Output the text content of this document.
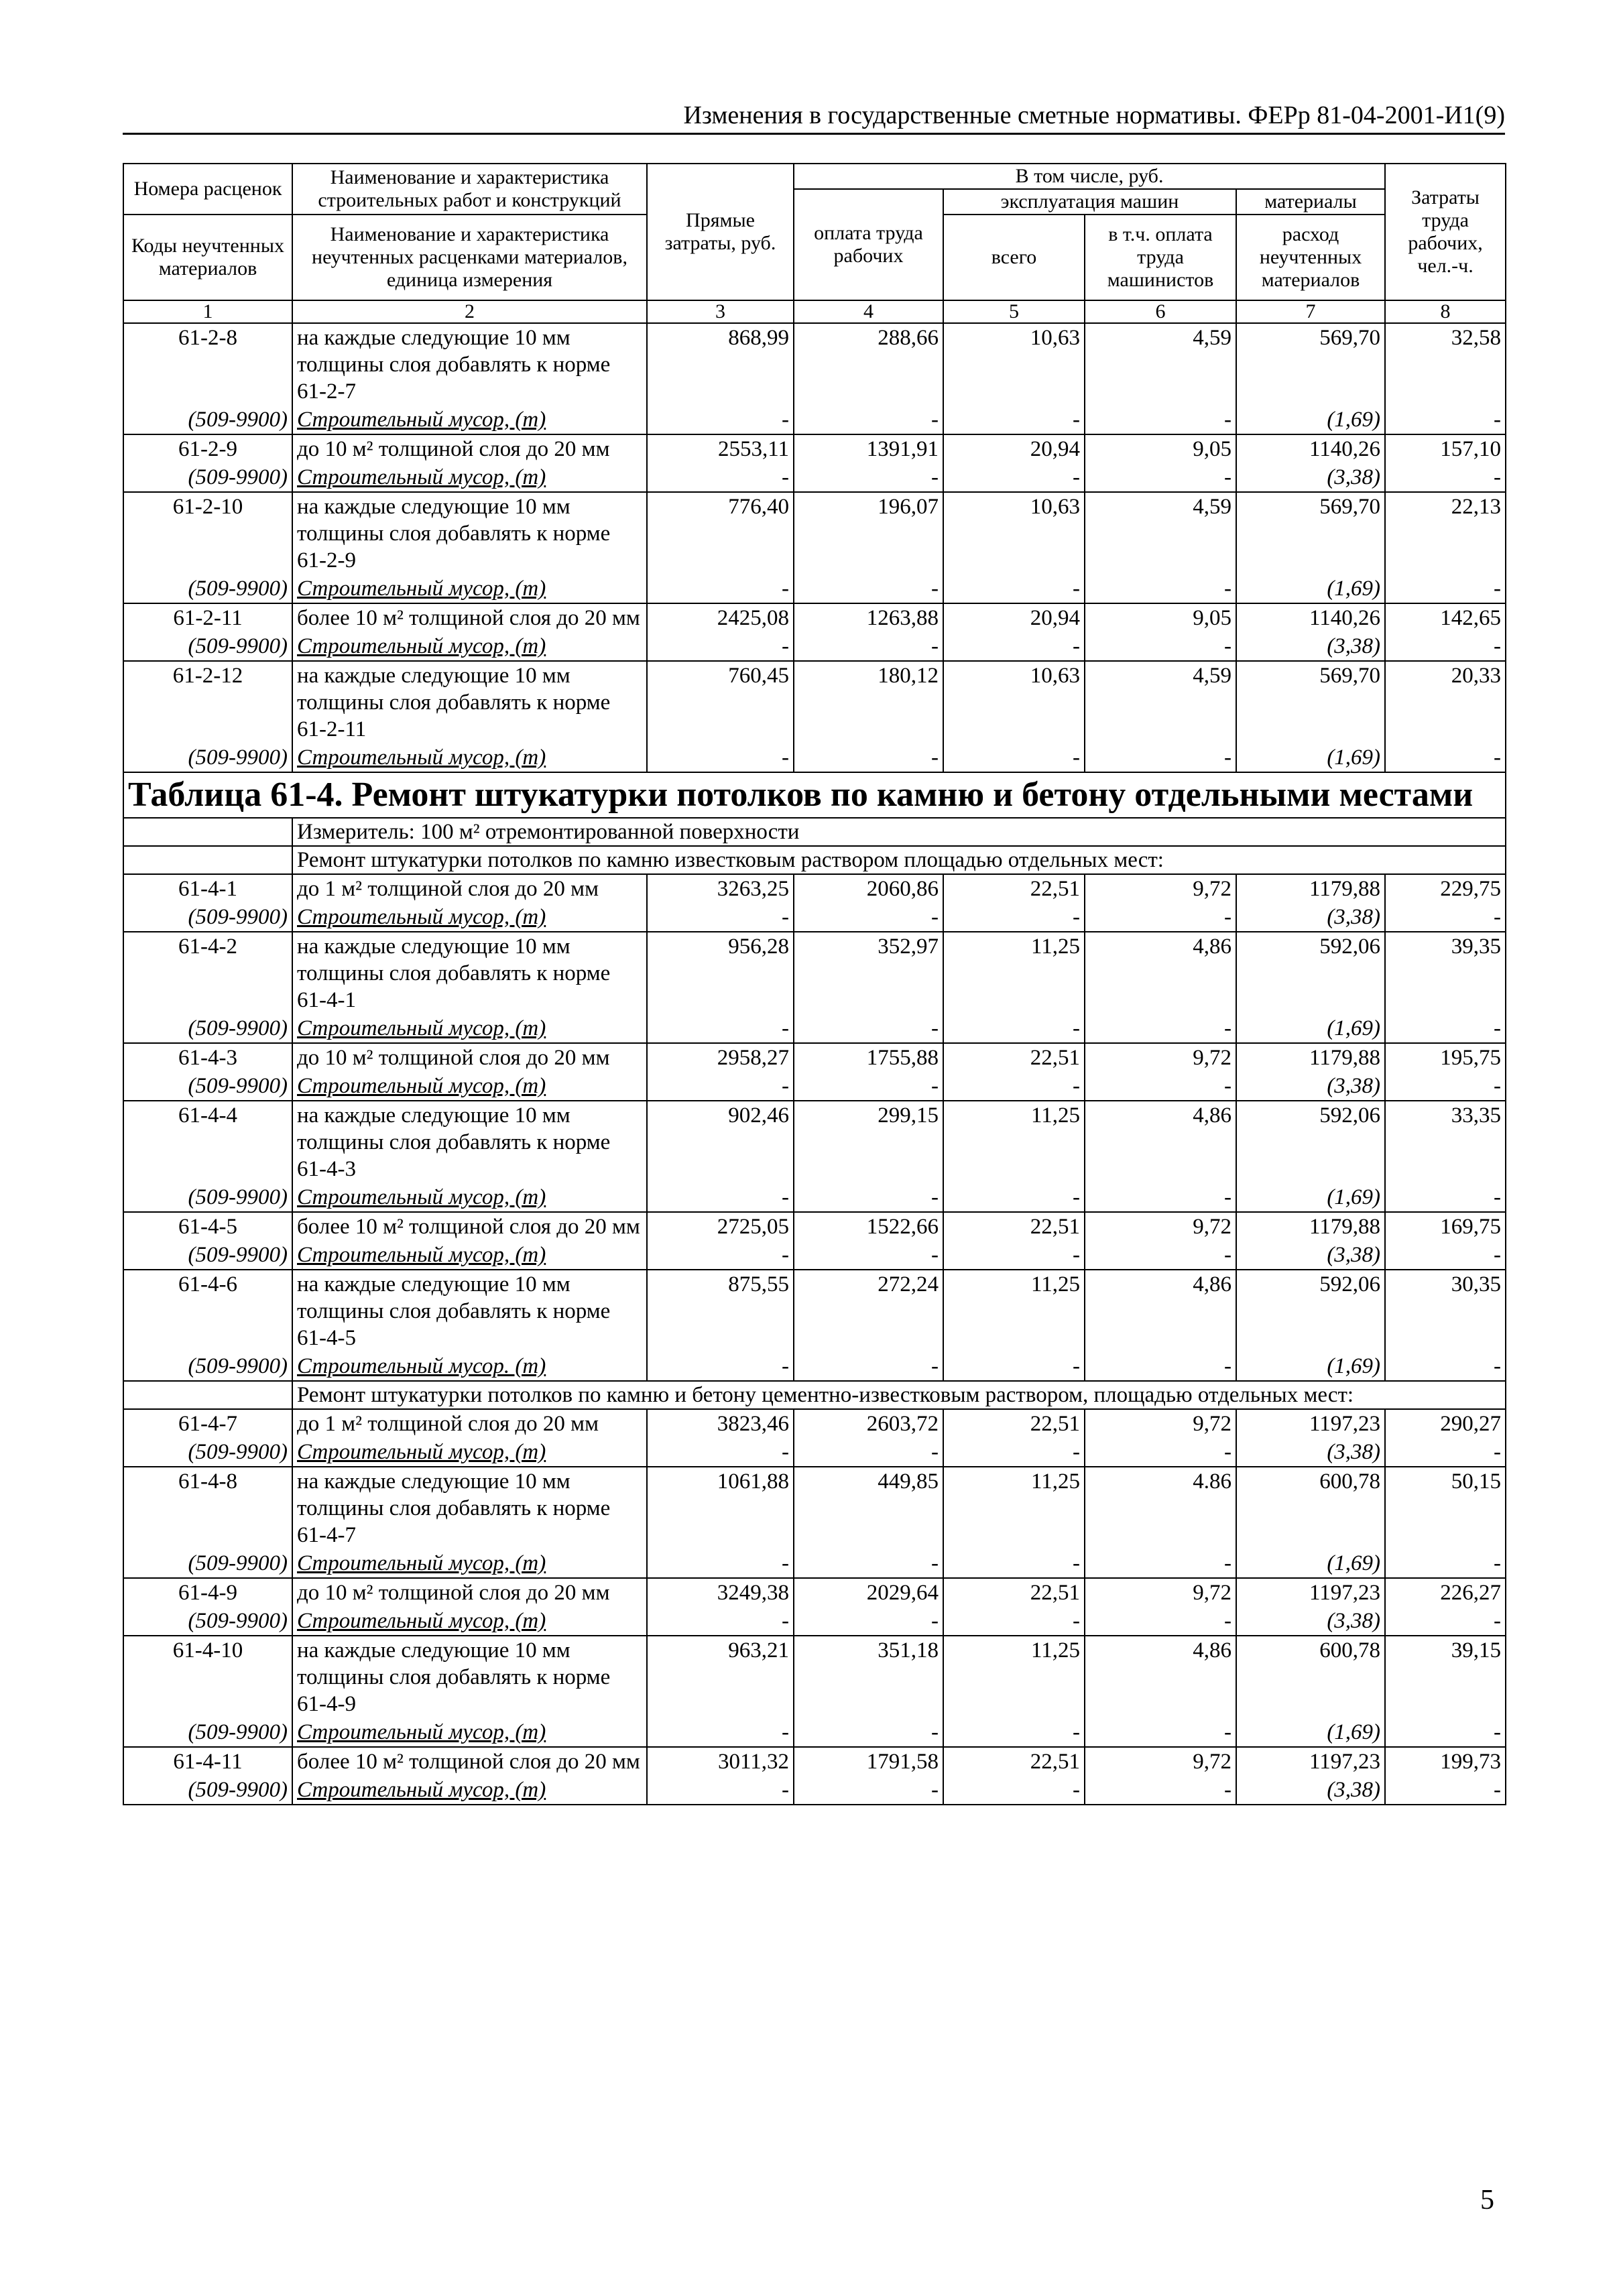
Изменения в государственные сметные нормативы. ФЕРр 81-04-2001-И1(9)
Номера расценок	Наименование и характеристика строительных работ и конструкций	Прямые затраты, руб.	В том числе, руб.				Затраты труда рабочих, чел.-ч.
			оплата труда рабочих	эксплуатация машин		материалы	
Коды неучтенных материалов	Наименование и характеристика неучтенных расценками материалов, единица измерения			всего	в т.ч. оплата труда машинистов	расход неучтенных материалов	

1	2	3	4	5	6	7	8
61-2-8	на каждые следующие 10 мм толщины слоя добавлять к норме 61-2-7	868,99	288,66	10,63	4,59	569,70	32,58
(509-9900)	Строительный мусор, (т)	-	-	-	-	(1,69)	-
61-2-9	до 10 м² толщиной слоя до 20 мм	2553,11	1391,91	20,94	9,05	1140,26	157,10
(509-9900)	Строительный мусор, (т)	-	-	-	-	(3,38)	-
61-2-10	на каждые следующие 10 мм толщины слоя добавлять к норме 61-2-9	776,40	196,07	10,63	4,59	569,70	22,13
(509-9900)	Строительный мусор, (т)	-	-	-	-	(1,69)	-
61-2-11	более 10 м² толщиной слоя до 20 мм	2425,08	1263,88	20,94	9,05	1140,26	142,65
(509-9900)	Строительный мусор, (т)	-	-	-	-	(3,38)	-
61-2-12	на каждые следующие 10 мм толщины слоя добавлять к норме 61-2-11	760,45	180,12	10,63	4,59	569,70	20,33
(509-9900)	Строительный мусор, (т)	-	-	-	-	(1,69)	-
Таблица 61-4. Ремонт штукатурки потолков по камню и бетону отдельными местами							
	Измеритель: 100 м² отремонтированной поверхности						
	Ремонт штукатурки потолков по камню известковым раствором площадью отдельных мест:						
61-4-1	до 1 м² толщиной слоя до 20 мм	3263,25	2060,86	22,51	9,72	1179,88	229,75
(509-9900)	Строительный мусор, (т)	-	-	-	-	(3,38)	-
61-4-2	на каждые следующие 10 мм толщины слоя добавлять к норме 61-4-1	956,28	352,97	11,25	4,86	592,06	39,35
(509-9900)	Строительный мусор, (т)	-	-	-	-	(1,69)	-
61-4-3	до 10 м² толщиной слоя до 20 мм	2958,27	1755,88	22,51	9,72	1179,88	195,75
(509-9900)	Строительный мусор, (т)	-	-	-	-	(3,38)	-
61-4-4	на каждые следующие 10 мм толщины слоя добавлять к норме 61-4-3	902,46	299,15	11,25	4,86	592,06	33,35
(509-9900)	Строительный мусор, (т)	-	-	-	-	(1,69)	-
61-4-5	более 10 м² толщиной слоя до 20 мм	2725,05	1522,66	22,51	9,72	1179,88	169,75
(509-9900)	Строительный мусор, (т)	-	-	-	-	(3,38)	-
61-4-6	на каждые следующие 10 мм толщины слоя добавлять к норме 61-4-5	875,55	272,24	11,25	4,86	592,06	30,35
(509-9900)	Строительный мусор. (т)	-	-	-	-	(1,69)	-
	Ремонт штукатурки потолков по камню и бетону цементно-известковым раствором, площадью отдельных мест:						
61-4-7	до 1 м² толщиной слоя до 20 мм	3823,46	2603,72	22,51	9,72	1197,23	290,27
(509-9900)	Строительный мусор, (т)	-	-	-	-	(3,38)	-
61-4-8	на каждые следующие 10 мм толщины слоя добавлять к норме 61-4-7	1061,88	449,85	11,25	4.86	600,78	50,15
(509-9900)	Строительный мусор, (т)	-	-	-	-	(1,69)	-
61-4-9	до 10 м² толщиной слоя до 20 мм	3249,38	2029,64	22,51	9,72	1197,23	226,27
(509-9900)	Строительный мусор, (т)	-	-	-	-	(3,38)	-
61-4-10	на каждые следующие 10 мм толщины слоя добавлять к норме 61-4-9	963,21	351,18	11,25	4,86	600,78	39,15
(509-9900)	Строительный мусор, (т)	-	-	-	-	(1,69)	-
61-4-11	более 10 м² толщиной слоя до 20 мм	3011,32	1791,58	22,51	9,72	1197,23	199,73
(509-9900)	Строительный мусор, (т)	-	-	-	-	(3,38)	-
5
